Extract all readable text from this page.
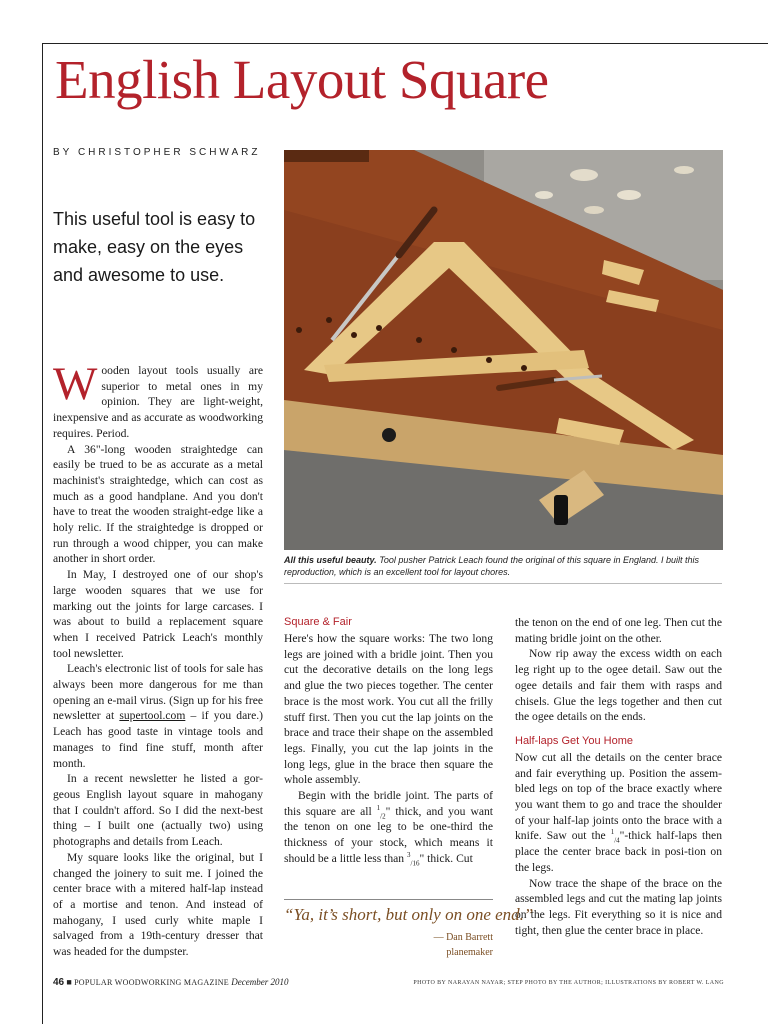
English Layout Square
BY CHRISTOPHER SCHWARZ
This useful tool is easy to make, easy on the eyes and awesome to use.
All this useful beauty. Tool pusher Patrick Leach found the original of this square in England. I built this reproduction, which is an excellent tool for layout chores.

Wooden layout tools usually are superior to metal ones in my opinion. They are light-weight, inexpensive and as accurate as woodworking requires. Period.

A 36"-long wooden straightedge can easily be trued to be as accurate as a metal machinist's straightedge, which can cost as much as a good handplane. And you don't have to treat the wooden straight-edge like a holy relic. If the straightedge is dropped or run through a wood chipper, you can make another in short order.

In May, I destroyed one of our shop's large wooden squares that we use for marking out the joints for large carcases. I was about to build a replacement square when I received Patrick Leach's monthly tool newsletter.

Leach's electronic list of tools for sale has always been more dangerous for me than opening an e-mail virus. (Sign up for his free newsletter at supertool.com – if you dare.) Leach has good taste in vintage tools and manages to find fine stuff, month after month.

In a recent newsletter he listed a gor-geous English layout square in mahogany that I couldn't afford. So I did the next-best thing – I built one (actually two) using photographs and details from Leach.

My square looks like the original, but I changed the joinery to suit me. I joined the center brace with a mitered half-lap instead of a mortise and tenon. And instead of mahogany, I used curly white maple I salvaged from a 19th-century dresser that was headed for the dumpster.

Square & Fair

Here's how the square works: The two long legs are joined with a bridle joint. Then you cut the decorative details on the long legs and glue the two pieces together. The center brace is the most work. You cut all the frilly stuff first. Then you cut the lap joints on the brace and trace their shape on the assembled legs. Finally, you cut the lap joints in the long legs, glue in the brace then square the whole assembly.

Begin with the bridle joint. The parts of this square are all $^1_{/2}$" thick, and you want the tenon on one leg to be one-third the thickness of your stock, which means it should be a little less than $^3_{/16}$" thick. Cut

the tenon on the end of one leg. Then cut the mating bridle joint on the other.

Now rip away the excess width on each leg right up to the ogee detail. Saw out the ogee details and fair them with rasps and chisels. Glue the legs together and then cut the ogee details on the ends.

Half-laps Get You Home

Now cut all the details on the center brace and fair everything up. Position the assem-bled legs on top of the brace exactly where you want them to go and trace the shoulder of your half-lap joints onto the brace with a knife. Saw out the $^1_{/4}$"-thick half-laps then place the center brace back in posi-tion on the legs.

Now trace the shape of the brace on the assembled legs and cut the mating lap joints on the legs. Fit everything so it is nice and tight, then glue the center brace in place.

“Ya, it’s short, but only on one end.”
— Dan Barrett
planemaker
46 ■ POPULAR WOODWORKING MAGAZINE December 2010	PHOTO BY NARAYAN NAYAR; STEP PHOTO BY THE AUTHOR; ILLUSTRATIONS BY ROBERT W. LANG
